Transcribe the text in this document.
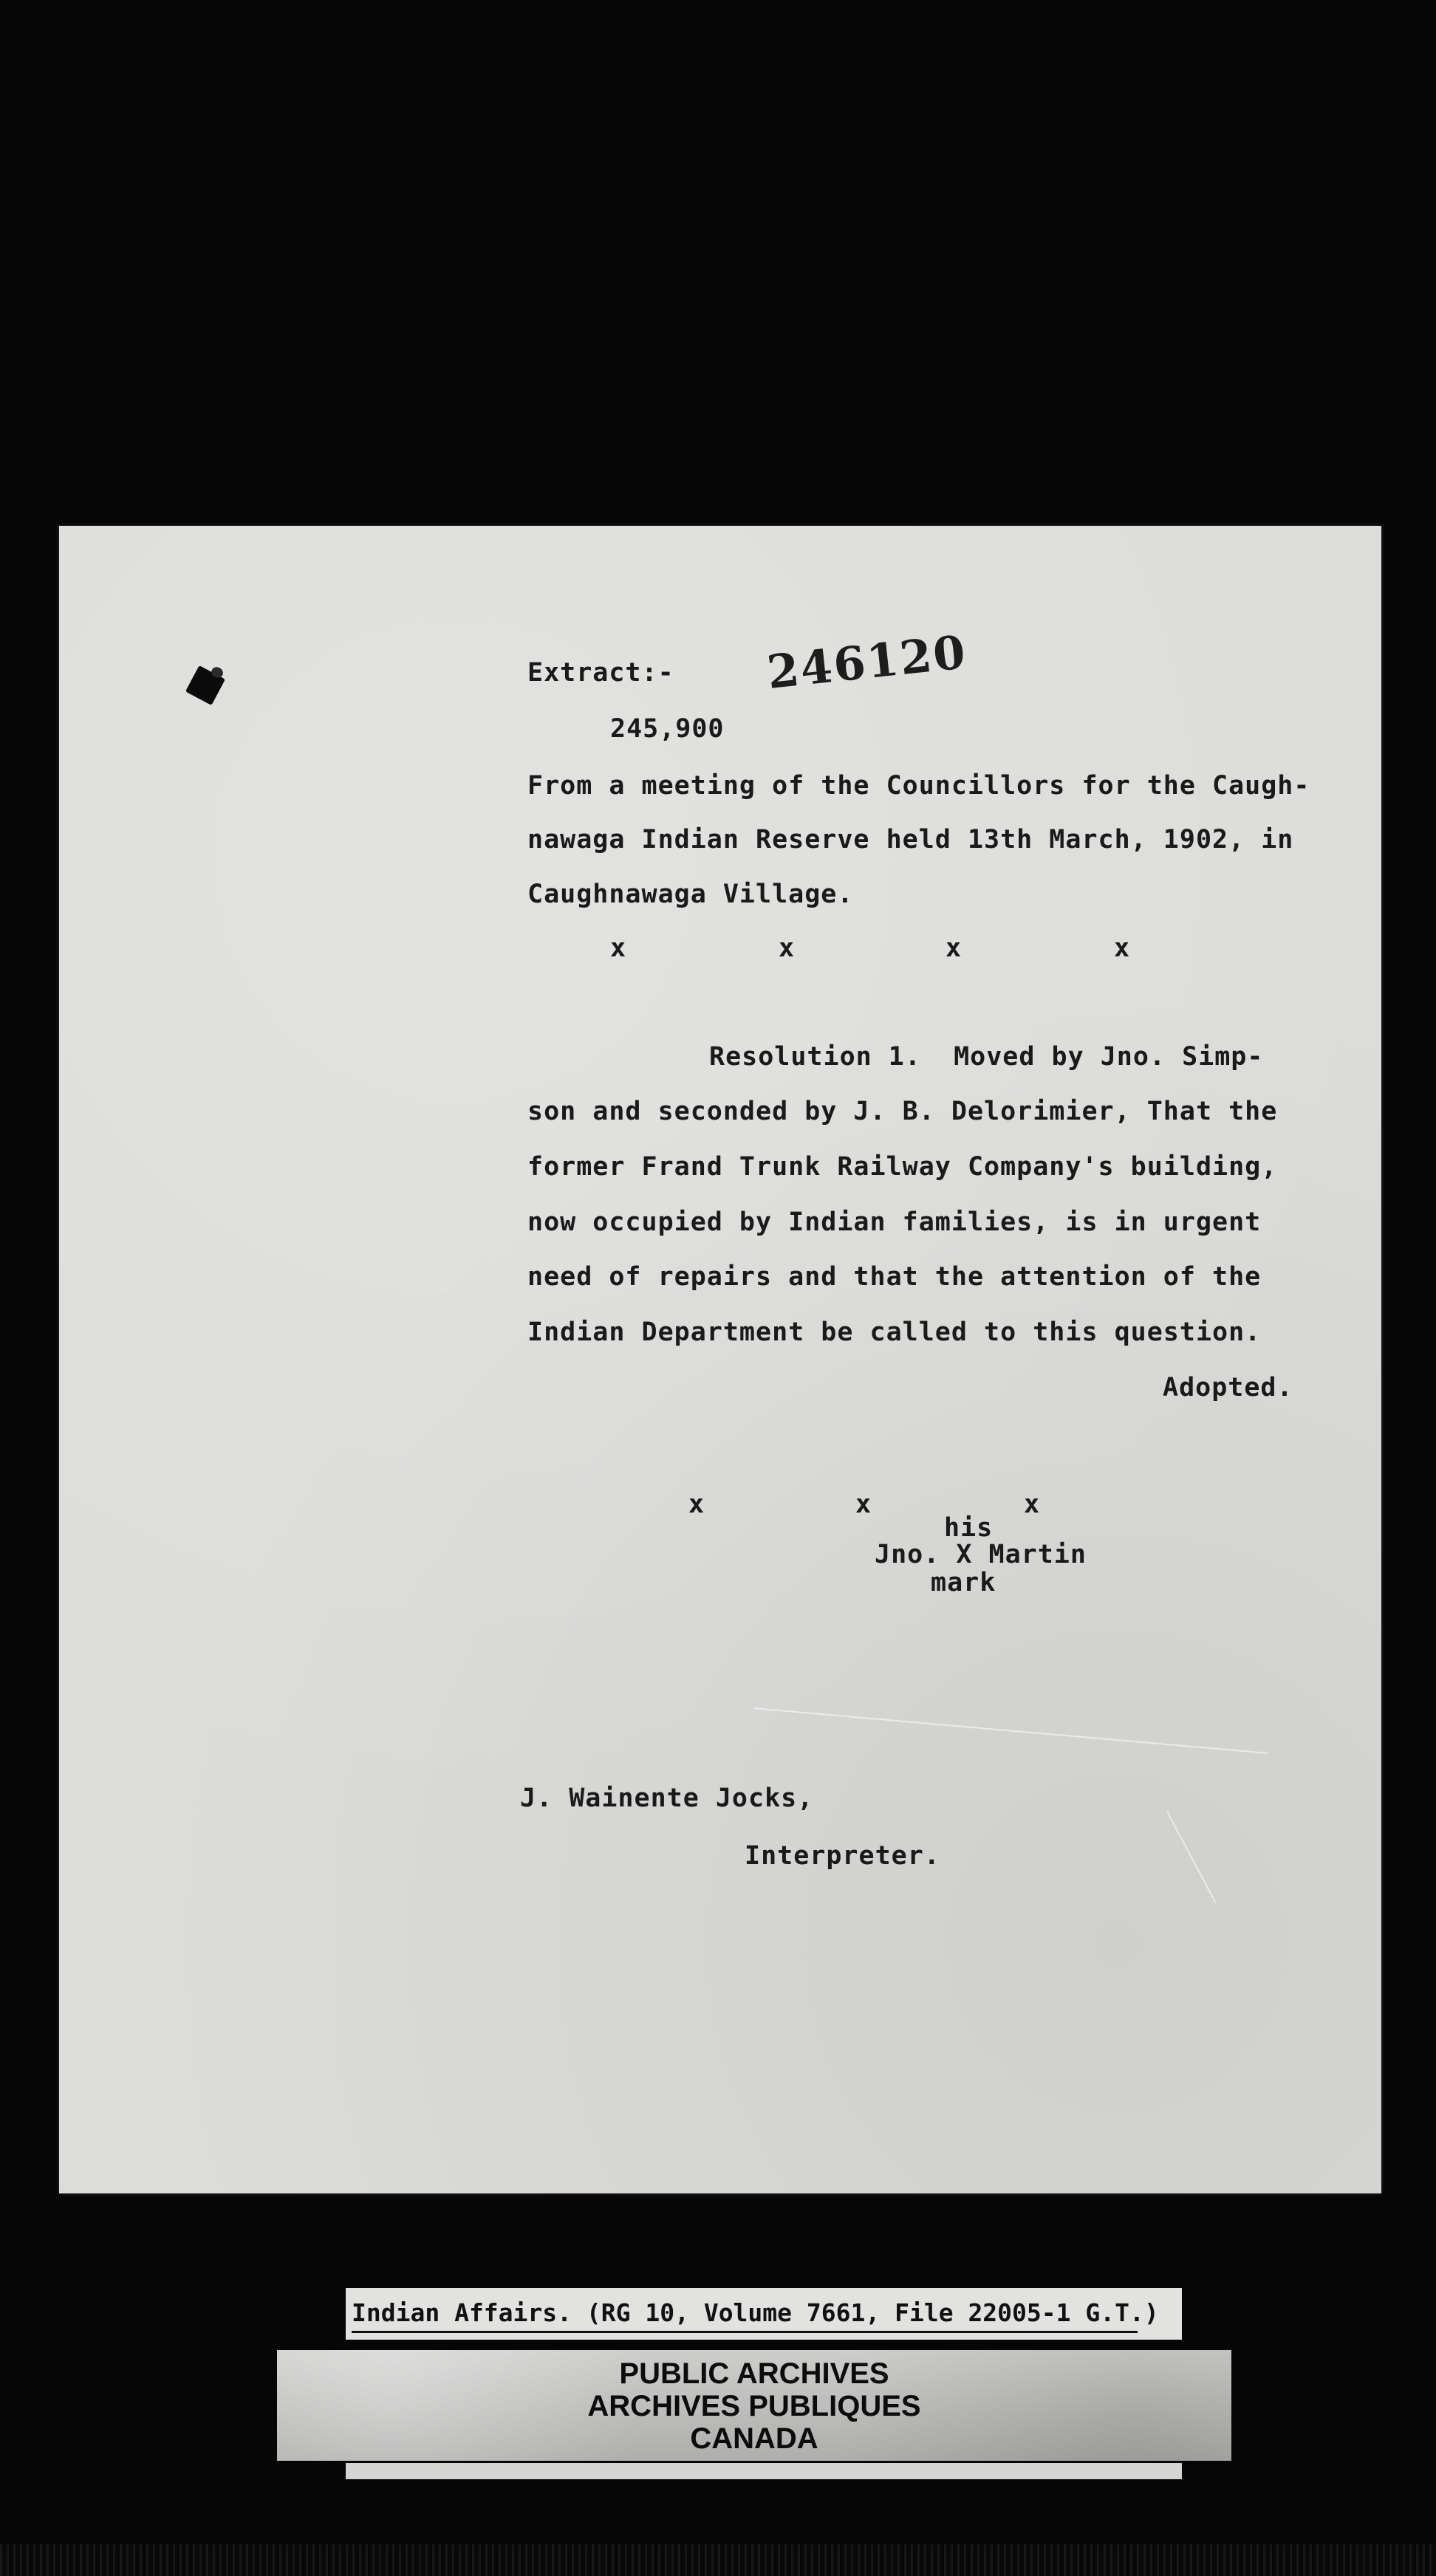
246120
Extract:-
245,900
From a meeting of the Councillors for the Caugh-
nawaga Indian Reserve held 13th March, 1902, in
Caughnawaga Village.
x	x	x	x
Resolution 1.  Moved by Jno. Simp-
son and seconded by J. B. Delorimier, That the
former Frand Trunk Railway Company's building,
now occupied by Indian families, is in urgent
need of repairs and that the attention of the
Indian Department be called to this question.
Adopted.
x	x	x
his
Jno. X Martin
mark
J. Wainente Jocks,
Interpreter.
Indian Affairs. (RG 10, Volume 7661, File 22005-1 G.T.)
PUBLIC ARCHIVES
ARCHIVES PUBLIQUES
CANADA
